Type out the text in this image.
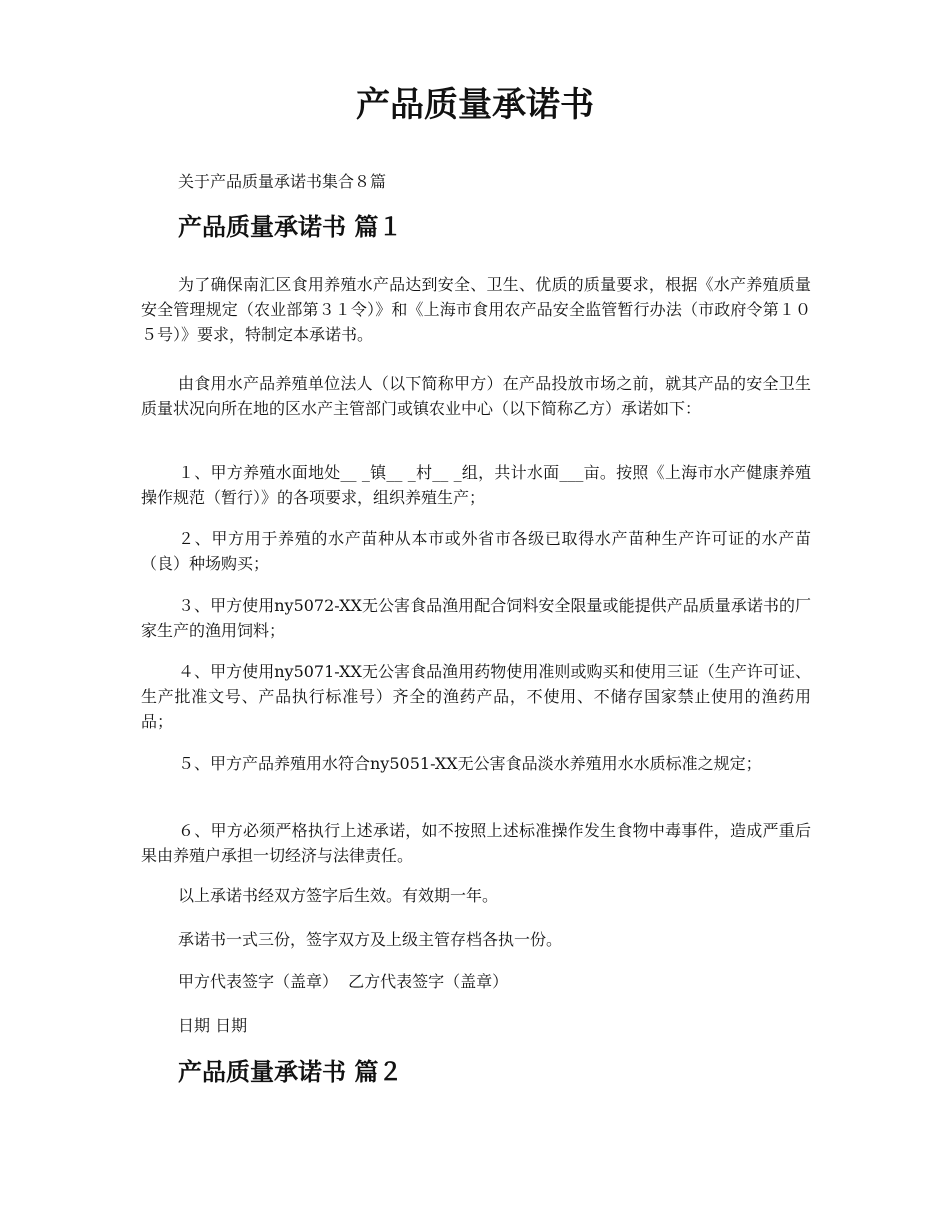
产品质量承诺书

关于产品质量承诺书集合８篇

产品质量承诺书 篇１

为了确保南汇区食用养殖水产品达到安全、卫生、优质的质量要求，根据《水产养殖质量安全管理规定（农业部第３１令）》和《上海市食用农产品安全监管暂行办法（市政府令第１０５号）》要求，特制定本承诺书。

由食用水产品养殖单位法人（以下简称甲方）在产品投放市场之前，就其产品的安全卫生质量状况向所在地的区水产主管部门或镇农业中心（以下简称乙方）承诺如下：

１、甲方养殖水面地处__ _镇__ _村__ _组，共计水面___亩。按照《上海市水产健康养殖操作规范（暂行）》的各项要求，组织养殖生产；

２、甲方用于养殖的水产苗种从本市或外省市各级已取得水产苗种生产许可证的水产苗（良）种场购买；

３、甲方使用ny5072-XX无公害食品渔用配合饲料安全限量或能提供产品质量承诺书的厂家生产的渔用饲料；

４、甲方使用ny5071-XX无公害食品渔用药物使用准则或购买和使用三证（生产许可证、生产批准文号、产品执行标准号）齐全的渔药产品，不使用、不储存国家禁止使用的渔药用品；

５、甲方产品养殖用水符合ny5051-XX无公害食品淡水养殖用水水质标准之规定；

６、甲方必须严格执行上述承诺，如不按照上述标准操作发生食物中毒事件，造成严重后果由养殖户承担一切经济与法律责任。

以上承诺书经双方签字后生效。有效期一年。

承诺书一式三份，签字双方及上级主管存档各执一份。

甲方代表签字（盖章）  乙方代表签字（盖章）

日期 日期

产品质量承诺书 篇２
